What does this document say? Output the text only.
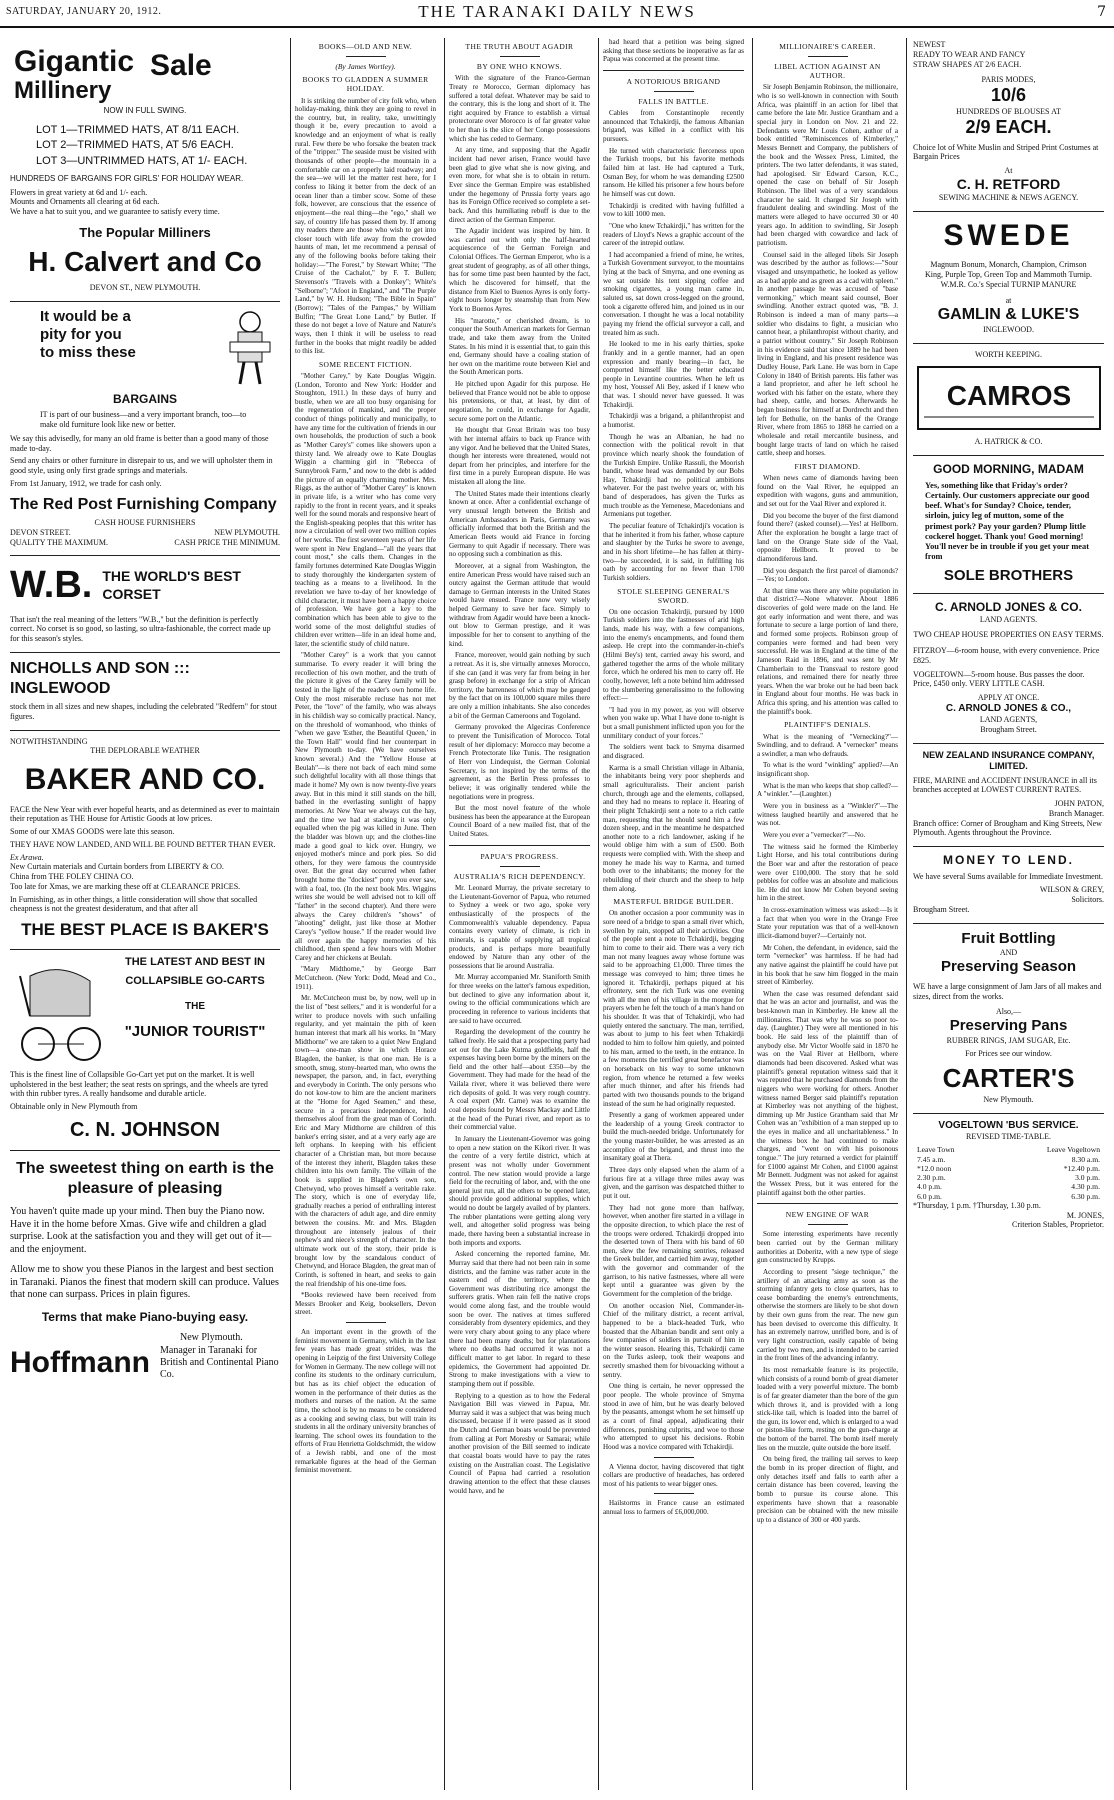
SATURDAY, JANUARY 20, 1912.	THE TARANAKI DAILY NEWS	7
Gigantic Sale
Millinery
NOW IN FULL SWING.
LOT 1—TRIMMED HATS, AT 8/11 EACH.
LOT 2—TRIMMED HATS, AT 5/6 EACH.
LOT 3—UNTRIMMED HATS, AT 1/- EACH.
HUNDREDS OF BARGAINS FOR GIRLS' FOR HOLIDAY WEAR.
Flowers in great variety at 6d and 1/- each.
Mounts and Ornaments all clearing at 6d each.
We have a hat to suit you, and we guarantee to satisfy every time.
The Popular Milliners
H. Calvert and Co
DEVON ST., NEW PLYMOUTH.
It would be a
pity for you
to miss these
BARGAINS
IT is part of our business—and a very important branch, too—to make old furniture look like new or better.
We say this advisedly, for many an old frame is better than a good many of those made to-day.
Send any chairs or other furniture in disrepair to us, and we will upholster them in good style, using only first grade springs and materials.
From 1st January, 1912, we trade for cash only.
The Red Post Furnishing Company
CASH HOUSE FURNISHERS
DEVON STREET.	NEW PLYMOUTH.
QUALITY THE MAXIMUM.	CASH PRICE THE MINIMUM.
W.B. THE WORLD'S BEST CORSET
That isn't the real meaning of the letters "W.B.," but the definition is perfectly correct. No corset is so good, so lasting, so ultra-fashionable, the correct made up for this season's styles.
NICHOLLS AND SON ::: INGLEWOOD
stock them in all sizes and new shapes, including the celebrated "Redfern" for stout figures.
NOTWITHSTANDING
THE DEPLORABLE WEATHER
BAKER AND CO.
FACE the New Year with ever hopeful hearts, and as determined as ever to maintain their reputation as THE House for Artistic Goods at low prices.
Some of our XMAS GOODS were late this season.
THEY HAVE NOW LANDED, AND WILL BE FOUND BETTER THAN EVER.
Ex Arawa.
New Curtain materials and Curtain borders from LIBERTY & CO.
China from THE FOLEY CHINA CO.
Too late for Xmas, we are marking these off at CLEARANCE PRICES.
In Furnishing, as in other things, a little consideration will show that socalled cheapness is not the greatest desideratum, and that after all
THE BEST PLACE IS BAKER'S
THE LATEST AND BEST IN
COLLAPSIBLE GO-CARTS
THE
"JUNIOR TOURIST"
This is the finest line of Collapsible Go-Cart yet put on the market. It is well upholstered in the best leather; the seat rests on springs, and the wheels are tyred with thin rubber tyres. A really handsome and durable article.
Obtainable only in New Plymouth from
C. N. JOHNSON
The sweetest thing on earth is the
pleasure of pleasing
You haven't quite made up your mind. Then buy the Piano now. Have it in the home before Xmas. Give wife and children a glad surprise. Look at the satisfaction you and they will get out of it—and the enjoyment.
Allow me to show you these Pianos in the largest and best section in Taranaki. Pianos the finest that modern skill can produce. Values that none can surpass. Prices in plain figures.
Terms that make Piano-buying easy.
Hoffmann
New Plymouth.
Manager in Taranaki for British and Continental Piano Co.
BOOKS—OLD AND NEW.
(By James Wortley).
BOOKS TO GLADDEN A SUMMER HOLIDAY.
It is striking the number of city folk who, when holiday-making, think they are going to revel in the country, but, in reality, take, unwittingly though it be, every precaution to avoid a knowledge and an enjoyment of what is really rural. Few there be who forsake the beaten track of the "tripper." The seaside must be visited with thousands of other people—the mountain in a comfortable car on a properly laid roadway; and the sea—we will let the matter rest here, for I confess to liking it better from the deck of an ocean liner than a timber scow. Some of these folk, however, are conscious that the essence of enjoyment—the real thing—the "ego," shall we say, of country life has passed them by. If among my readers there are those who wish to get into closer touch with life away from the crowded haunts of man, let me recommend a perusal of any of the following books before taking their holiday:—"The Forest," by Stewart White; "The Cruise of the Cachalot," by F. T. Bullen; Stevenson's "Travels with a Donkey"; White's "Selborne"; "Afoot in England," and "The Purple Land," by W. H. Hudson; "The Bible in Spain" (Borrow); "Tales of the Pampas," by William Bulfin; "The Great Lone Land," by Butler. If these do not beget a love of Nature and Nature's ways, then I think it will be useless to read further in the books that might readily be added to this list.
SOME RECENT FICTION.
"Mother Carey," by Kate Douglas Wiggin. (London, Toronto and New York: Hodder and Stoughton, 1911.) In these days of hurry and bustle, when we are all too busy organising for the regeneration of mankind, and the proper conduct of things politically and municipally, to have any time for the cultivation of friends in our own households, the production of such a book as "Mother Carey's" comes like showers upon a thirsty land. We already owe to Kate Douglas Wiggin a charming girl in "Rebecca of Sunnybrook Farm," and now to the debt is added the picture of an equally charming mother. Mrs. Riggs, as the author of "Mother Carey" is known in private life, is a writer who has come very rapidly to the front in recent years, and it speaks well for the sound morals and responsive heart of the English-speaking peoples that this writer has now a circulation of well over two million copies of her works. The first seventeen years of her life were spent in New England—"all the years that count most," she calls them. Changes in the family fortunes determined Kate Douglas Wiggin to study thoroughly the kindergarten system of teaching as a means to a livelihood. In the revelation we have to-day of her knowledge of child character, it must have been a happy choice of profession. We have got a key to the combination which has been able to give to the world some of the most delightful studies of children ever written—life in an ideal home and, later, the scientific study of child nature.
"Mother Carey" is a work that you cannot summarise. To every reader it will bring the recollection of his own mother, and the truth of the picture it gives of the Carey family will be tested in the light of the reader's own home life. Only the most miserable recluse has not met Peter, the "love" of the family, who was always in his childish way so comically practical. Nancy, on the threshold of womanhood, who thinks of "when we gave 'Esther, the Beautiful Queen,' in the Town Hall" would find her counterpart in New Plymouth to-day. (We have ourselves known several.) And the "Yellow House at Beulah"—is there not back of each mind some such delightful locality with all those things that made it home? My own is now twenty-five years away. But in this mind it still stands on the hill, bathed in the everlasting sunlight of happy memories. At New Year we always cut the hay, and the time we had at stacking it was only equalled when the pig was killed in June. Then the bladder was blown up; and the clothes-line made a good goal to kick over. Hungry, we enjoyed mother's mince and pork pies. So did others, for they were famous the countryside over. But the great day occurred when father brought home the "dockiest" pony you ever saw, with a foal, too. (In the next book Mrs. Wiggins writes she would be well advised not to kill off "father" in the second chapter). And there were always the Carey children's "shows" of "ahooting" delight, just like those at Mother Carey's "yellow house." If the reader would live all over again the happy memories of his childhood, then spend a few hours with Mother Carey and her chickens at Beulah.
"Mary Midthorne," by George Barr McCutcheon. (New York: Dodd, Mead and Co., 1911).
Mr. McCutcheon must be, by now, well up in the list of "best sellers," and it is wonderful for a writer to produce novels with such unfailing regularity, and yet maintain the pith of keen human interest that mark all his works. In "Mary Midthorne" we are taken to a quiet New England town—a one-man show in which Horace Blagden, the banker, is that one man. He is a smooth, smug, stony-hearted man, who owns the newspaper, the parson, and, in fact, everything and everybody in Corinth. The only persons who do not kow-tow to him are the ancient mariners at the "Home for Aged Seamen," and these, secure in a precarious independence, hold themselves aloof from the great man of Corinth. Eric and Mary Midthorne are children of this banker's erring sister, and at a very early age are left orphans. In keeping with his efficient character of a Christian man, but more because of the interest they inherit, Blagden takes these children into his own family. The villain of the book is supplied in Blagden's own son, Chetwynd, who proves himself a veritable rake. The story, which is one of everyday life, gradually reaches a period of enthralling interest with the characters of adult age, and dire enmity between the cousins. Mr. and Mrs. Blagden throughout are intensely jealous of their nephew's and niece's strength of character. In the ultimate work out of the story, their pride is brought low by the scandalous conduct of Chetwynd, and Horace Blagden, the great man of Corinth, is softened in heart, and seeks to gain the real friendship of his one-time foes.
*Books reviewed have been received from Messrs Brooker and Keig, booksellers, Devon street.
An important event in the growth of the feminist movement in Germany, which in the last few years has made great strides, was the opening in Leipzig of the first University College for Women in Germany. The new college will not confine its students to the ordinary curriculum, but has as its chief object the education of women in the performance of their duties as the mothers and nurses of the nation. At the same time, the school is by no means to be considered as a cooking and sewing class, but will train its students in all the ordinary university branches of learning. The school owes its foundation to the efforts of Frau Henrietta Goldschmidt, the widow of a Jewish rabbi, and one of the most remarkable figures at the head of the German feminist movement.
THE TRUTH ABOUT AGADIR
BY ONE WHO KNOWS.
With the signature of the Franco-German Treaty re Morocco, German diplomacy has suffered a total defeat. Whatever may be said to the contrary, this is the long and short of it. The right acquired by France to establish a virtual protectorate over Morocco is of far greater value to her than is the slice of her Congo possessions which she has ceded to Germany.
At any time, and supposing that the Agadir incident had never arisen, France would have been glad to give what she is now giving, and even more, for what she is to obtain in return. Ever since the German Empire was established under the hegemony of Prussia forty years ago has its Foreign Office received so complete a set-back. And this humiliating rebuff is due to the direct action of the German Emperor.
The Agadir incident was inspired by him. It was carried out with only the half-hearted acquiescence of the German Foreign and Colonial Offices. The German Emperor, who is a great student of geography, as of all other things, has for some time past been haunted by the fact, which he discovered for himself, that the distance from Kiel to Buenos Ayres is only forty-eight hours longer by steamship than from New York to Buenos Ayres.
His "marotte," or cherished dream, is to conquer the South American markets for German trade, and take them away from the United States. In his mind it is essential that, to gain this end, Germany should have a coaling station of her own on the maritime route between Kiel and the South American ports.
He pitched upon Agadir for this purpose. He believed that France would not be able to oppose his pretensions, or that, at least, by dint of negotiation, he could, in exchange for Agadir, secure some port on the Atlantic.
He thought that Great Britain was too busy with her internal affairs to back up France with any vigor. And he believed that the United States, though her interests were threatened, would not depart from her principles, and interfere for the first time in a purely European dispute. He was mistaken all along the line.
The United States made their intentions clearly known at once. After a confidential exchange of very unusual length between the British and American Ambassadors in Paris, Germany was officially informed that both the British and the American fleets would aid France in forcing Germany to quit Agadir if necessary. There was no opposing such a combination as this.
Moreover, at a signal from Washington, the entire American Press would have raised such an outcry against the German attitude that would damage to German interests in the United States would have ensued. France now very wisely helped Germany to save her face. Simply to withdraw from Agadir would have been a knock-out blow to German prestige, and it was impossible for her to consent to anything of the kind.
France, moreover, would gain nothing by such a retreat. As it is, she virtually annexes Morocco, if she can (and it was very far from being in her grasp before) in exchange for a strip of African territory, the barrenness of which may be gauged by the fact that on its 100,000 square miles there are only a million inhabitants. She also concedes a bit of the German Cameroons and Togoland.
Germany provoked the Algeciras Conference to prevent the Tunisification of Morocco. Total result of her diplomacy: Morocco may become a French Protectorate like Tunis. The resignation of Herr von Lindequist, the German Colonial Secretary, is not inspired by the terms of the agreement, as the Berlin Press professes to believe; it was originally tendered while the negotiations were in progress.
But the most novel feature of the whole business has been the appearance at the European Council Board of a new mailed fist, that of the United States.
PAPUA'S PROGRESS.
AUSTRALIA'S RICH DEPENDENCY.
Mr. Leonard Murray, the private secretary to the Lieutenant-Governor of Papua, who returned to Sydney a week or two ago, spoke very enthusiastically of the prospects of the Commonwealth's valuable dependency. Papua contains every variety of climate, is rich in minerals, is capable of supplying all tropical products, and is perhaps more beautifully endowed by Nature than any other of the possessions that lie around Australia.
Mr. Murray accompanied Mr. Staniforth Smith for three weeks on the latter's famous expedition, but declined to give any information about it, owing to the official communications which are proceeding in reference to various incidents that are said to have occurred.
Regarding the development of the country he talked freely. He said that a prospecting party had set out for the Lake Kutma goldfields, half the expenses having been borne by the miners on the field and the other half—about £350—by the Government. They had made for the head of the Vailala river, where it was believed there were rich deposits of gold. It was very rough country. A coal expert (Mr. Carne) was to examine the coal deposits found by Messrs Mackay and Little at the head of the Purari river, and report as to their commercial value.
In January the Lieutenant-Governor was going to open a new station on the Kikori river. It was the centre of a very fertile district, which at present was not wholly under Government control. The new station would provide a large field for the recruiting of labor, and, with the one general just run, all the others to be opened later, should provide good additional supplies, which would no doubt be largely availed of by planters. The rubber plantations were getting along very well, and altogether solid progress was being made, there having been a substantial increase in both imports and exports.
Asked concerning the reported famine, Mr. Murray said that there had not been rain in some districts, and the famine was rather acute in the eastern end of the territory, where the Government was distributing rice amongst the sufferers gratis. When rain fell the native crops would come along fast, and the trouble would soon be over. The natives at times suffered considerably from dysentery epidemics, and they were very chary about going to any place where there had been many deaths; but for plantations where no deaths had occurred it was not a difficult matter to get labor. In regard to these epidemics, the Government had appointed Dr. Strong to make investigations with a view to stamping them out if possible.
Replying to a question as to how the Federal Navigation Bill was viewed in Papua, Mr. Murray said it was a subject that was being much discussed, because if it were passed as it stood the Dutch and German boats would be prevented from calling at Port Moresby or Samarai; while another provision of the Bill seemed to indicate that coastal boats would have to pay the rates existing on the Australian coast. The Legislative Council of Papua had carried a resolution drawing attention to the effect that these clauses would have, and he
had heard that a petition was being signed asking that these sections be inoperative as far as Papua was concerned at the present time.
A NOTORIOUS BRIGAND
FALLS IN BATTLE.
Cables from Constantinople recently announced that Tchakirdji, the famous Albanian brigand, was killed in a conflict with his pursuers.
He turned with characteristic fierceness upon the Turkish troops, but his favorite methods failed him at last. He had captured a Turk, Osman Bey, for whom he was demanding £2500 ransom. He killed his prisoner a few hours before he himself was cut down.
Tchakirdji is credited with having fulfilled a vow to kill 1000 men.
"One who knew Tchakirdji," has written for the readers of Lloyd's News a graphic account of the career of the intrepid outlaw.
I had accompanied a friend of mine, he writes, a Turkish Government surveyor, to the mountains lying at the back of Smyrna, and one evening as we sat outside his tent sipping coffee and smoking cigarettes, a young man came in, saluted us, sat down cross-legged on the ground, took a cigarette offered him, and joined us in our conversation. I thought he was a local notability paying my friend the official surveyor a call, and treated him as such.
He looked to me in his early thirties, spoke frankly and in a gentle manner, had an open expression and manly bearing—in fact, he comported himself like the better educated people in Levantine countries. When he left us my host, Youssef Ali Bey, asked if I knew who that was. I should never have guessed. It was Tchakirdji.
Tchakirdji was a brigand, a philanthropist and a humorist.
Though he was an Albanian, he had no connection with the political revolt in that province which nearly shook the foundation of the Turkish Empire. Unlike Rassuli, the Moorish bandit, whose head was demanded by our Bobs Hay, Tchakirdji had no political ambitions whatever. For the past twelve years or, with his band of desperadoes, has given the Turks as much trouble as the Yemenese, Macedonians and Armenians put together.
The peculiar feature of Tchakirdji's vocation is that he inherited it from his father, whose capture and slaughter by the Turks he swore to avenge, and in his short lifetime—he has fallen at thirty-two—he succeeded, it is said, in fulfilling his oath by accounting for no fewer than 1700 Turkish soldiers.
STOLE SLEEPING GENERAL'S SWORD.
On one occasion Tchakirdji, pursued by 1000 Turkish soldiers into the fastnesses of arid high lands, made his way, with a few companions, into the enemy's encampments, and found them asleep. He crept into the commander-in-chief's (Hilmi Bey's) tent, carried away his sword, and gathered together the arms of the whole military force, which he ordered his men to carry off. He coolly, however, left a note behind him addressed to the slumbering generalissimo to the following effect:—
"I had you in my power, as you will observe when you wake up. What I have done to-night is but a small punishment inflicted upon you for the unmilitary conduct of your forces."
The soldiers went back to Smyrna disarmed and disgraced.
Karma is a small Christian village in Albania, the inhabitants being very poor shepherds and small agriculturalists. Their ancient parish church, through age and the elements, collapsed, and they had no means to replace it. Hearing of their plight Tchakirdji sent a note to a rich cattle man, requesting that he should send him a few dozen sheep, and in the meantime he despatched another note to a rich landowner, asking if he would oblige him with a sum of £500. Both requests were complied with. With the sheep and money he made his way to Karma, and turned both over to the inhabitants; the money for the rebuilding of their church and the sheep to help them along.
MASTERFUL BRIDGE BUILDER.
On another occasion a poor community was in sore need of a bridge to span a small river which, swollen by rain, stopped all their activities. One of the people sent a note to Tchakirdji, begging him to come to their aid. There was a very rich man not many leagues away whose fortune was said to be approaching £1,000. Three times the message was conveyed to him; three times he ignored it. Tchakirdji, perhaps piqued at his effrontery, sent the rich Turk was one evening with all the men of his village in the morgue for prayers when he felt the touch of a man's hand on his shoulder. It was that of Tchakirdji, who had quietly entered the sanctuary. The man, terrified, was about to jump to his feet when Tchakirdji nodded to him to follow him quietly, and pointed to his man, armed to the teeth, in the entrance. In a few moments the terrified great benefactor was on horseback on his way to some unknown region, from whence he returned a few weeks after much thinner, and after his friends had parted with two thousands pounds to the brigand instead of the sum he had originally requested.
Presently a gang of workmen appeared under the leadership of a young Greek contractor to build the much-needed bridge. Unfortunately for the young master-builder, he was arrested as an accomplice of the brigand, and thrust into the insanitary goal at Thera.
Three days only elapsed when the alarm of a furious fire at a village three miles away was given, and the garrison was despatched thither to put it out.
They had not gone more than halfway, however, when another fire started in a village in the opposite direction, to which place the rest of the troops were ordered. Tchakirdji dropped into the deserted town of Thera with his band of 60 men, slew the few remaining sentries, released the Greek builder, and carried him away, together with the governor and commander of the garrison, to his native fastnesses, where all were kept until a guarantee was given by the Government for the completion of the bridge.
On another occasion Niel, Commander-in-Chief of the military district, a recent arrival, happened to be a black-headed Turk, who boasted that the Albanian bandit and sent only a few companies of soldiers in pursuit of him in the winter season. Hearing this, Tchakirdji came on the Turks asleep, took their weapons and secretly smashed them for bivouacking without a sentry.
One thing is certain, he never oppressed the poor people. The whole province of Smyrna stood in awe of him, but he was dearly beloved by the peasants, amongst whom he set himself up as a court of final appeal, adjudicating their differences, punishing culprits, and woe to those who attempted to upset his decisions. Robin Hood was a novice compared with Tchakirdji.
A Vienna doctor, having discovered that tight collars are productive of headaches, has ordered most of his patients to wear bigger ones.
Hailstorms in France cause an estimated annual loss to farmers of £6,000,000.
MILLIONAIRE'S CAREER.
LIBEL ACTION AGAINST AN AUTHOR.
Sir Joseph Benjamin Robinson, the millionaire, who is so well-known in connection with South Africa, was plaintiff in an action for libel that came before the late Mr. Justice Grantham and a special jury in London on Nov. 21 and 22. Defendants were Mr Louis Cohen, author of a book entitled "Reminiscences of Kimberley," Messrs Bennett and Company, the publishers of the book and the Wessex Press, Limited, the printers. The two latter defendants, it was stated, had apologised. Sir Edward Carson, K.C., opened the case on behalf of Sir Joseph Robinson. The libel was of a very scandalous character he said. It charged Sir Joseph with fraudulent dealing and swindling. Most of the matters were alleged to have occurred 30 or 40 years ago. In addition to swindling, Sir Joseph had been charged with cowardice and lack of patriotism.
Counsel said in the alleged libels Sir Joseph was described by the author as follows:—"Sour visaged and unsympathetic, he looked as yellow as a bad apple and as green as a cad with spleen." In another passage he was accused of "base vermonking," which meant said counsel, Boer swindling. Another extract quoted was, "B. J. Robinson is indeed a man of many parts—a soldier who disdains to fight, a musician who cannot hear, a philanthropist without charity, and a patriot without country." Sir Joseph Robinson in his evidence said that since 1889 he had been living in England, and his present residence was Dudley House, Park Lane. He was born in Cape Colony in 1840 of British parents. His father was a land proprietor, and after he left school he worked with his father on the estate, where they had sheep, cattle, and horses. Afterwards he began business for himself at Dordrecht and then left for Bethulie, on the banks of the Orange River, where from 1865 to 1868 he carried on a wholesale and retail mercantile business, and bought large tracts of land on which he raised cattle, sheep and horses.
FIRST DIAMOND.
When news came of diamonds having been found on the Vaal River, he equipped an expedition with wagons, guns and ammunition, and set out for the Vaal River and explored it.
Did you become the buyer of the first diamond found there? (asked counsel).—Yes! at Hellborn. After the exploration he bought a large tract of land on the Orange State side of the Vaal, opposite Hellborn. It proved to be diamondiferous land.
Did you despatch the first parcel of diamonds?—Yes; to London.
At that time was there any white population in that district?—None whatever. About 1886 discoveries of gold were made on the land. He got early information and went there, and was fortunate to secure a large portion of land there, and formed some projects. Robinson group of companies were formed and had been very successful. He was in England at the time of the Jameson Raid in 1896, and was sent by Mr Chamberlain to the Transvaal to restore good relations, and remained there for nearly three years. When the war broke out he had been back in England about four months. He was back in Africa this spring, and his attention was called to the plaintiff's book.
PLAINTIFF'S DENIALS.
What is the meaning of "Vernecking?"—Swindling, and to defraud. A "vernecker" means a swindler, a man who defrauds.
To what is the word "winkling" applied?—An insignificant shop.
What is the man who keeps that shop called?—A "winkler."—(Laughter.)
Were you in business as a "Winkler?"—The witness laughed heartily and answered that he was not.
Were you ever a "vernecker?"—No.
The witness said he formed the Kimberley Light Horse, and his total contributions during the Boer war and after the restoration of peace were over £100,000. The story that he sold pebbles for coffee was an absolute and malicious lie. He did not know Mr Cohen beyond seeing him in the street.
In cross-examination witness was asked:—Is it a fact that when you were in the Orange Free State your reputation was that of a well-known illicit-diamond buyer?—Certainly not.
Mr Cohen, the defendant, in evidence, said the term "vernecker" was harmless. If he had had any native against the plaintiff he could have put in his book that he saw him flogged in the main street of Kimberley.
When the case was resumed defendant said that he was an actor and journalist, and was the best-known man in Kimberley. He knew all the millionaires. That was why he was so poor to-day. (Laughter.) They were all mentioned in his book. He said less of the plaintiff than of anybody else. Mr Victor Woolfe said in 1870 he was on the Vaal River at Hellborn, where diamonds had been discovered. Asked what was plaintiff's general reputation witness said that it was reputed that he purchased diamonds from the niggers who were working for others. Another witness named Berger said plaintiff's reputation at Kimberley was not anything of the highest, dimming up Mr Justice Grantham said that Mr Cohen was an "exhibition of a man stepped up to the eyes in malice and all uncharitableness." In the witness box he had continued to make charges, and "went on with his poisonous tongue." The jury returned a verdict for plaintiff for £1000 against Mr Cohen, and £1000 against Mr Bennett. Judgment was not asked for against the Wessex Press, but it was entered for the plaintiff against both the other parties.
NEW ENGINE OF WAR
Some interesting experiments have recently been carried out by the German military authorities at Doberitz, with a new type of siege gun constructed by Krupps.
According to present "siege technique," the artillery of an attacking army as soon as the storming infantry gets to close quarters, has to cease bombarding the enemy's entrenchments, otherwise the stormers are likely to be shot down by their own guns from the rear. The new gun has been devised to overcome this difficulty. It has an extremely narrow, unrifled bore, and is of very light construction, easily capable of being carried by two men, and is intended to be carried in the front lines of the advancing infantry.
Its most remarkable feature is its projectile, which consists of a round bomb of great diameter loaded with a very powerful mixture. The bomb is of far greater diameter than the bore of the gun which throws it, and is provided with a long stick-like tail, which is loaded into the barrel of the gun, its lower end, which is enlarged to a wad or piston-like form, resting on the gun-charge at the bottom of the barrel. The bomb itself merely lies on the muzzle, quite outside the bore itself.
On being fired, the trailing tail serves to keep the bomb in its proper direction of flight, and only detaches itself and falls to earth after a certain distance has been covered, leaving the bomb to pursue its course alone. This experiments have shown that a reasonable precision can be obtained with the new missile up to a distance of 300 or 400 yards.
NEWEST
READY TO WEAR AND FANCY
STRAW SHAPES AT 2/6 EACH.
PARIS MODES,
10/6
HUNDREDS OF BLOUSES AT
2/9 EACH.
Choice lot of White Muslin and Striped Print Costumes at Bargain Prices
At
C. H. RETFORD
SEWING MACHINE & NEWS AGENCY.
SWEDE
Magnum Bonum, Monarch, Champion, Crimson King, Purple Top, Green Top and Mammoth Turnip. W.M.R. Co.'s Special TURNIP MANURE
at
GAMLIN & LUKE'S
INGLEWOOD.
WORTH KEEPING.
CAMROS
A. HATRICK & CO.
GOOD MORNING, MADAM
Yes, something like that Friday's order? Certainly. Our customers appreciate our good beef. What's for Sunday? Choice, tender, sirloin, juicy leg of mutton, some of the primest pork? Pay your garden? Plump little cockerel hogget. Thank you! Good morning! You'll never be in trouble if you get your meat from
SOLE BROTHERS
C. ARNOLD JONES & CO.
LAND AGENTS.
TWO CHEAP HOUSE PROPERTIES ON EASY TERMS.
FITZROY—6-room house, with every convenience. Price £825.
VOGELTOWN—5-room house. Bus passes the door. Price, £450 only. VERY LITTLE CASH.
APPLY AT ONCE.
C. ARNOLD JONES & CO.,
LAND AGENTS,
Brougham Street.
NEW ZEALAND INSURANCE COMPANY, LIMITED.
FIRE, MARINE and ACCIDENT INSURANCE in all its branches accepted at LOWEST CURRENT RATES.
JOHN PATON,
Branch Manager.
Branch office: Corner of Brougham and King Streets, New Plymouth. Agents throughout the Province.
MONEY TO LEND.
We have several Sums available for Immediate Investment.
WILSON & GREY,
Solicitors.
Brougham Street.
Fruit Bottling
AND
Preserving Season
WE have a large consignment of Jam Jars of all makes and sizes, direct from the works.
Also,—
Preserving Pans
RUBBER RINGS, JAM SUGAR, Etc.
For Prices see our window.
CARTER'S
New Plymouth.
VOGELTOWN 'BUS SERVICE.
REVISED TIME-TABLE.
Leave Town	Leave Vogeltown
7.45 a.m.	8.30 a.m.
*12.0 noon	*12.40 p.m.
2.30 p.m.	3.0 p.m.
4.0 p.m.	4.30 p.m.
6.0 p.m.	6.30 p.m.
*Thursday, 1 p.m. †Thursday, 1.30 p.m.
M. JONES,
Criterion Stables, Proprietor.
